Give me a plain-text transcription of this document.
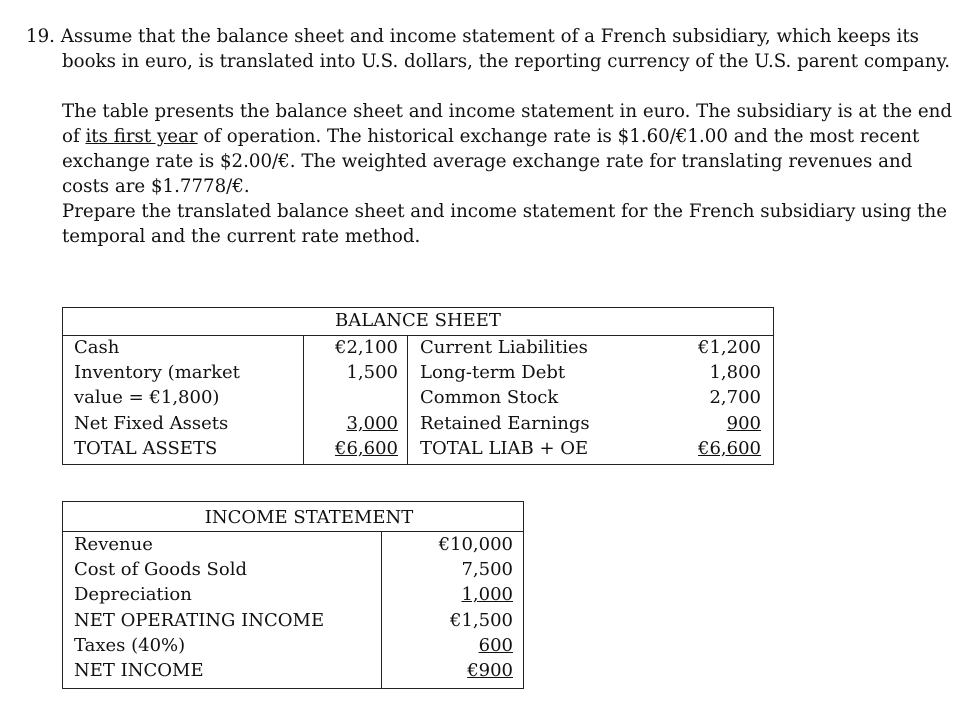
19. Assume that the balance sheet and income statement of a French subsidiary, which keeps its
books in euro, is translated into U.S. dollars, the reporting currency of the U.S. parent company.
The table presents the balance sheet and income statement in euro. The subsidiary is at the end
of its first year of operation. The historical exchange rate is $1.60/€1.00 and the most recent
exchange rate is $2.00/€. The weighted average exchange rate for translating revenues and
costs are $1.7778/€.
Prepare the translated balance sheet and income statement for the French subsidiary using the
temporal and the current rate method.
BALANCE SHEET
Cash
Inventory (market
value = €1,800)
Net Fixed Assets
TOTAL ASSETS
€2,100
1,500
3,000
€6,600
Current Liabilities
Long-term Debt
Common Stock
Retained Earnings
TOTAL LIAB + OE
€1,200
1,800
2,700
900
€6,600
INCOME STATEMENT
Revenue
Cost of Goods Sold
Depreciation
NET OPERATING INCOME
Taxes (40%)
NET INCOME
€10,000
7,500
1,000
€1,500
600
€900
